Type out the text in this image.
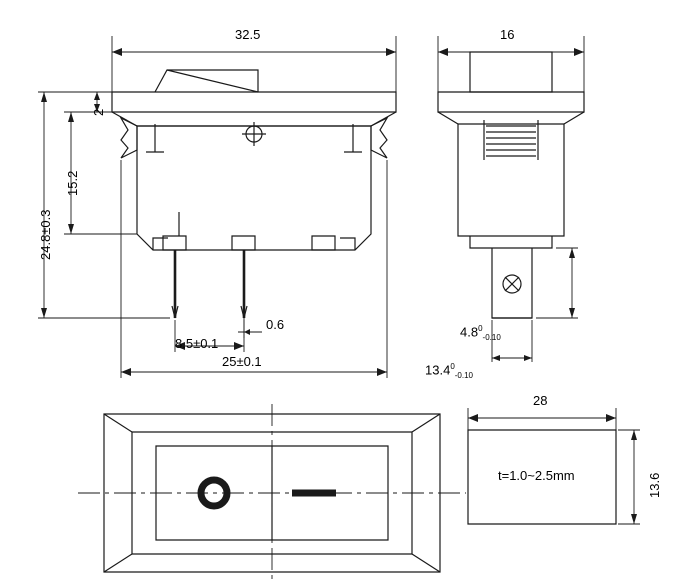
32.5
2
15.2
24.8±0.3
0.6
8.5±0.1
25±0.1
16
$4.8^0_{-0.10}$
$13.4^0_{-0.10}$
28
13.6
t=1.0~2.5mm
